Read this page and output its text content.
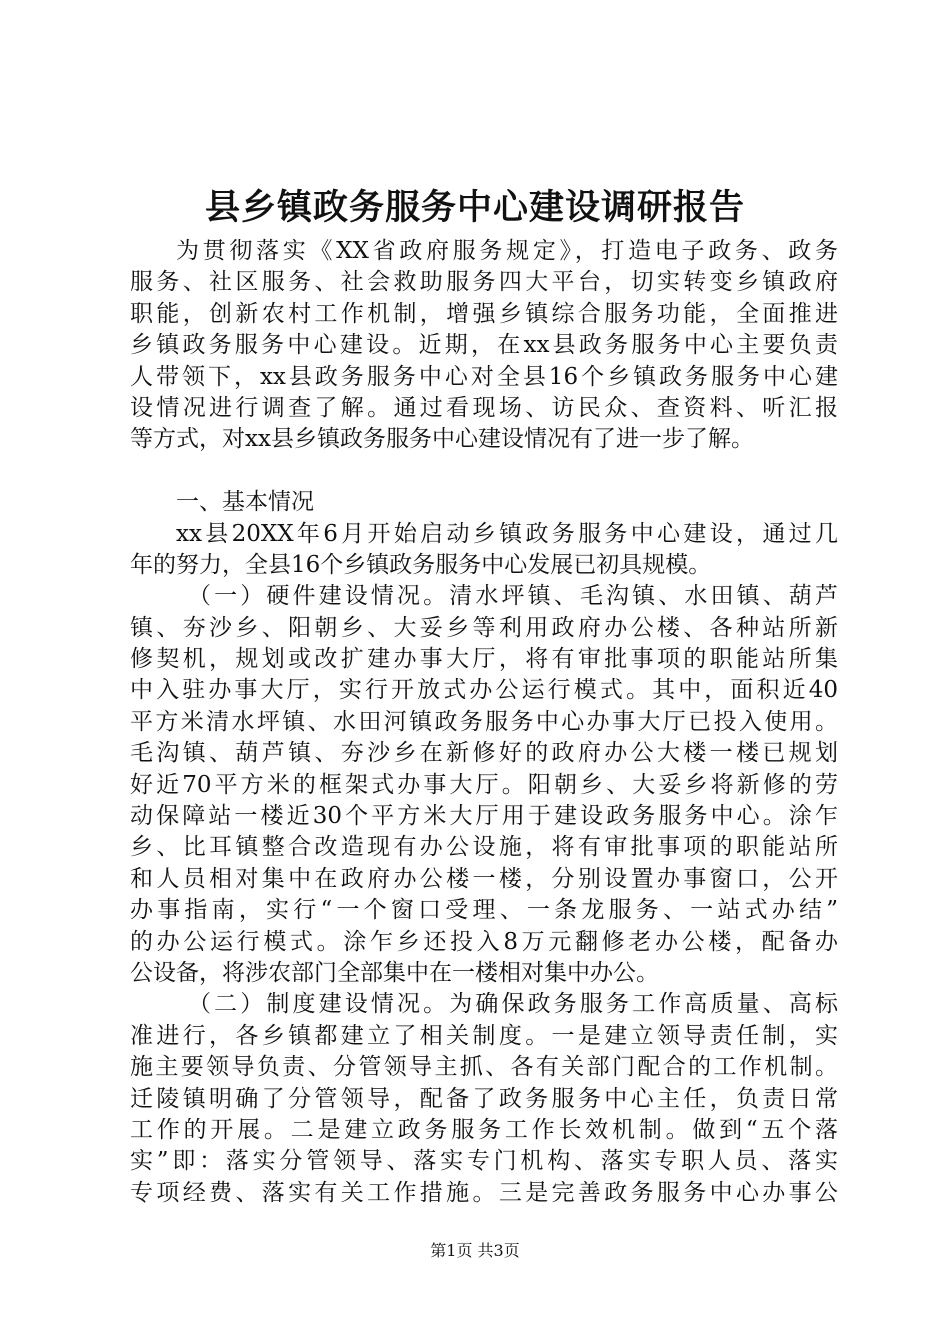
县乡镇政务服务中心建设调研报告

为贯彻落实《XX省政府服务规定》，打造电子政务、政务

服务、社区服务、社会救助服务四大平台，切实转变乡镇政府

职能，创新农村工作机制，增强乡镇综合服务功能，全面推进

乡镇政务服务中心建设。近期，在xx县政务服务中心主要负责

人带领下，xx县政务服务中心对全县16个乡镇政务服务中心建

设情况进行调查了解。通过看现场、访民众、查资料、听汇报

等方式，对xx县乡镇政务服务中心建设情况有了进一步了解。

一、基本情况

xx县20XX年6月开始启动乡镇政务服务中心建设，通过几

年的努力，全县16个乡镇政务服务中心发展已初具规模。

（一）硬件建设情况。清水坪镇、毛沟镇、水田镇、葫芦

镇、夯沙乡、阳朝乡、大妥乡等利用政府办公楼、各种站所新

修契机，规划或改扩建办事大厅，将有审批事项的职能站所集

中入驻办事大厅，实行开放式办公运行模式。其中，面积近40

平方米清水坪镇、水田河镇政务服务中心办事大厅已投入使用。

毛沟镇、葫芦镇、夯沙乡在新修好的政府办公大楼一楼已规划

好近70平方米的框架式办事大厅。阳朝乡、大妥乡将新修的劳

动保障站一楼近30个平方米大厅用于建设政务服务中心。涂乍

乡、比耳镇整合改造现有办公设施，将有审批事项的职能站所

和人员相对集中在政府办公楼一楼，分别设置办事窗口，公开

办事指南，实行“一个窗口受理、一条龙服务、一站式办结”

的办公运行模式。涂乍乡还投入8万元翻修老办公楼，配备办

公设备，将涉农部门全部集中在一楼相对集中办公。

（二）制度建设情况。为确保政务服务工作高质量、高标

准进行，各乡镇都建立了相关制度。一是建立领导责任制，实

施主要领导负责、分管领导主抓、各有关部门配合的工作机制。

迁陵镇明确了分管领导，配备了政务服务中心主任，负责日常

工作的开展。二是建立政务服务工作长效机制。做到“五个落

实”即：落实分管领导、落实专门机构、落实专职人员、落实

专项经费、落实有关工作措施。三是完善政务服务中心办事公

第1页 共3页
